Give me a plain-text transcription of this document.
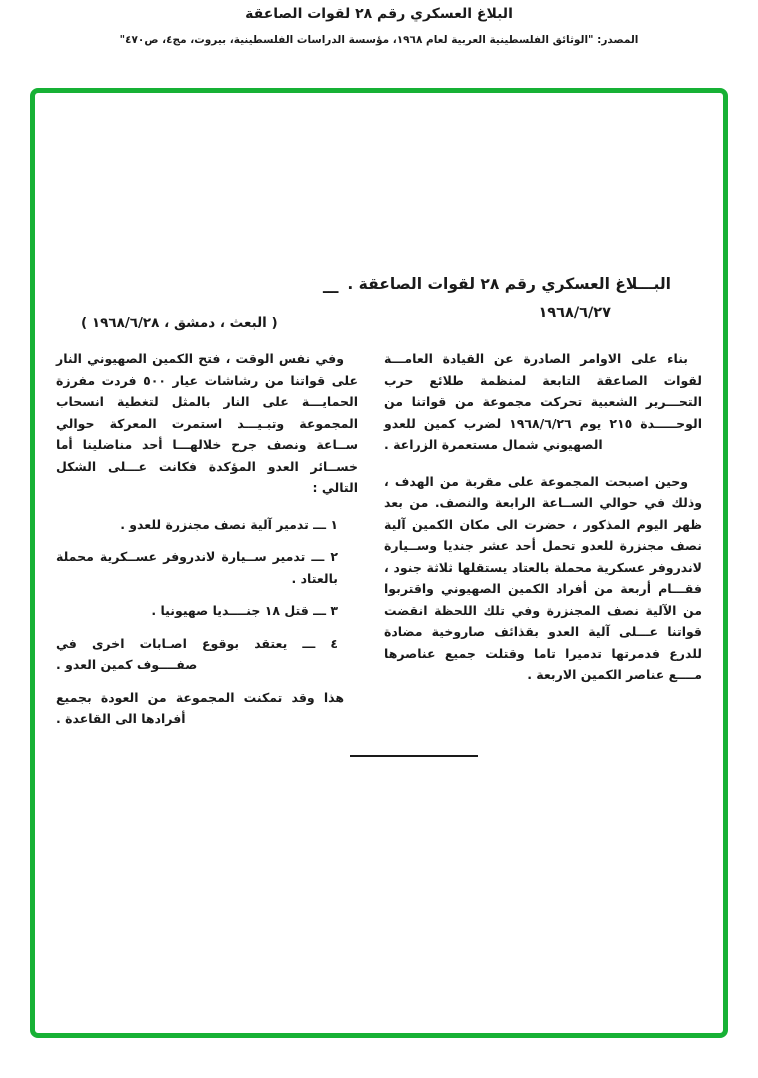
البلاغ العسكري رقم ٢٨ لقوات الصاعقة
المصدر: "الوثائق الفلسطينية العربية لعام ١٩٦٨، مؤسسة الدراسات الفلسطينية، بيروت، مج٤، ص٤٧٠"
البـــلاغ العسكري رقم ٢٨ لقوات الصاعقة .
ـــ
١٩٦٨/٦/٢٧
( البعث ، دمشق ، ١٩٦٨/٦/٢٨ )

بناء على الاوامر الصادرة عن القيادة العامـــة لقوات الصاعقة التابعة لمنظمة طلائع حرب التحـــرير الشعبية تحركت مجموعة من قواتنا من الوحـــــدة ٢١٥ يوم ١٩٦٨/٦/٢٦ لضرب كمين للعدو الصهيوني شمال مستعمرة الزراعة .

وحين اصبحت المجموعة على مقربة من الهدف ، وذلك في حوالي الســاعة الرابعة والنصف. من بعد ظهر اليوم المذكور ، حضرت الى مكان الكمين آلية نصف مجنزرة للعدو تحمل أحد عشر جنديا وســيارة لاندروفر عسكرية محملة بالعتاد يستقلها ثلاثة جنود ، فقـــام أربعة من أفراد الكمين الصهيوني واقتربوا من الآلية نصف المجنزرة وفي تلك اللحظة انقضت قواتنا عـــلى آلية العدو بقذائف صاروخية مضادة للدرع فدمرتها تدميرا تاما وقتلت جميع عناصرها مــــع عناصر الكمين الاربعة .

وفي نفس الوقت ، فتح الكمين الصهيوني النار على قواتنا من رشاشات عيار ٥٠٠ فردت مفرزة الحمايـــة على النار بالمثل لتغطية انسحاب المجموعة وتبـيـــد استمرت المعركة حوالي ســاعة ونصف جرح خلالهـــا أحد مناضلينا أما خســائر العدو المؤكدة فكانت عـــلى الشكل التالي :

١ ـــ تدمير آلية نصف مجنزرة للعدو .
٢ ـــ تدمير ســيارة لاندروفر عســكرية محملة بالعتاد .
٣ ـــ قتل ١٨ جنــــديا صهيونيا .
٤ ـــ يعتقد بوقوع اصـابات اخرى في صفــــوف كمين العدو .

هذا وقد تمكنت المجموعة من العودة بجميع أفرادها الى القاعدة .
